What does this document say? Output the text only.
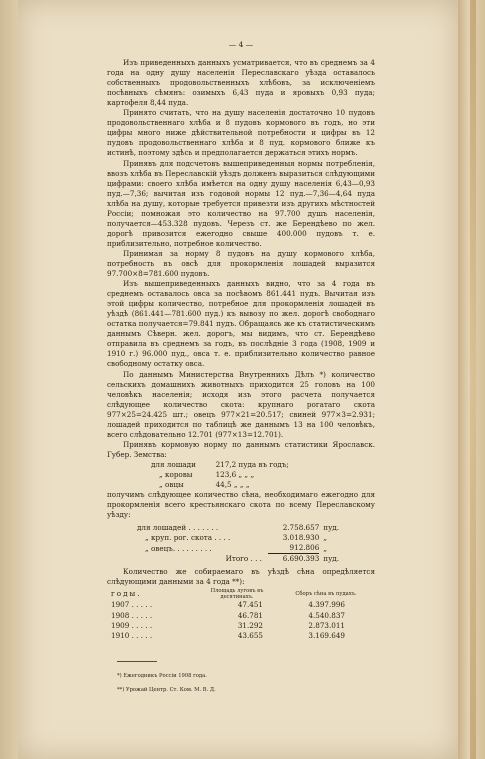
— 4 —

Изъ приведенныхъ данныхъ усматривается, что въ среднемъ за 4 года на одну душу населенія Переславскаго уѣзда оставалось собственныхъ продовольственныхъ хлѣбовъ, за исключеніемъ посѣвныхъ сѣмянъ: озимыхъ 6,43 пуда и яровыхъ 0,93 пуда; картофеля 8,44 пуда.

Принято считать, что на душу населенія достаточно 10 пудовъ продовольственнаго хлѣба и 8 пудовъ кормового въ годъ, но эти цифры много ниже дѣйствительной потребности и цифры въ 12 пудовъ продовольственнаго хлѣба и 8 пуд. кормового ближе къ истинѣ, поэтому здѣсь и предполагается держаться этихъ нормъ.

Принявъ для подсчетовъ вышеприведенныя нормы потребленія, ввозъ хлѣба въ Переславскій уѣздъ долженъ выразиться слѣдующими цифрами: своего хлѣба имѣется на одну душу населенія 6,43—0,93 пуд.—7,36; вычитая изъ годовой нормы 12 пуд.—7,36—4,64 пуда хлѣба на душу, которые требуется привезти изъ другихъ мѣстностей Россіи; помножая это количество на 97.700 душъ населенія, получается—453.328 пудовъ. Черезъ ст. же Берендѣево по жел. дорогѣ привозится ежегодно свыше 400.000 пудовъ т. е. приблизительно, потребное количество.

Принимая за норму 8 пудовъ на душу кормового хлѣба, потребность въ овсѣ для прокормленія лошадей выразится 97.700×8=781.600 пудовъ.

Изъ вышеприведенныхъ данныхъ видно, что за 4 года въ среднемъ оставалось овса за посѣвомъ 861.441 пудъ. Вычитая изъ этой цифры количество, потребное для прокормленія лошадей въ уѣздѣ (861.441—781.600 пуд.) къ вывозу по жел. дорогѣ свободнаго остатка получается=79.841 пудъ. Обращаясь же къ статистическимъ даннымъ Сѣверн. жел. дорогъ, мы видимъ, что ст. Берендѣево отправила въ среднемъ за годъ, въ послѣдніе 3 года (1908, 1909 и 1910 г.) 96.000 пуд., овса т. е. приблизительно количество равное свободному остатку овса.

По даннымъ Министерства Внутреннихъ Дѣлъ *) количество сельскихъ домашнихъ животныхъ приходится 25 головъ на 100 человѣкъ населенія; исходя изъ этого расчета получается слѣдующее количество скота: крупнаго рогатаго скота 977×25=24.425 шт.; овецъ 977×21=20.517; свиней 977×3=2.931; лошадей приходится по таблицѣ же даннымъ 13 на 100 человѣкъ, всего слѣдовательно 12.701 (977×13=12.701).

Принявъ кормовую норму по даннымъ статистики Ярославск. Губер. Земства:

для лошади	217,2 пуда въ годъ;
„ коровы	123,6 „ „ „
„ овцы	44,5 „ „ „

получимъ слѣдующее количество сѣна, необходимаго ежегодно для прокормленія всего крестьянскаго скота по всему Переславскому уѣзду:

для лошадей . . . . . . .	2.758.657	пуд.
„ круп. рог. скота . . . .	3.018.930	„
„ овецъ. . . . . . . . .	912.806	„
Итого . . .	6.690.393	пуд.

Количество же собираемаго въ уѣздѣ сѣна опредѣляется слѣдующими данными за 4 года **):

годы.	Площадь луговъ въ десятинахъ.	Сборъ сѣна въ пудахъ.
1907 . . . . .	47.451	4.397.996
1908 . . . . .	46.781	4.540.837
1909 . . . . .	31.292	2.873.011
1910 . . . . .	43.655	3.169.649
*) Ежегодникъ Россіи 1908 года.
**) Урожай Центр. Ст. Ком. М. В. Д.
